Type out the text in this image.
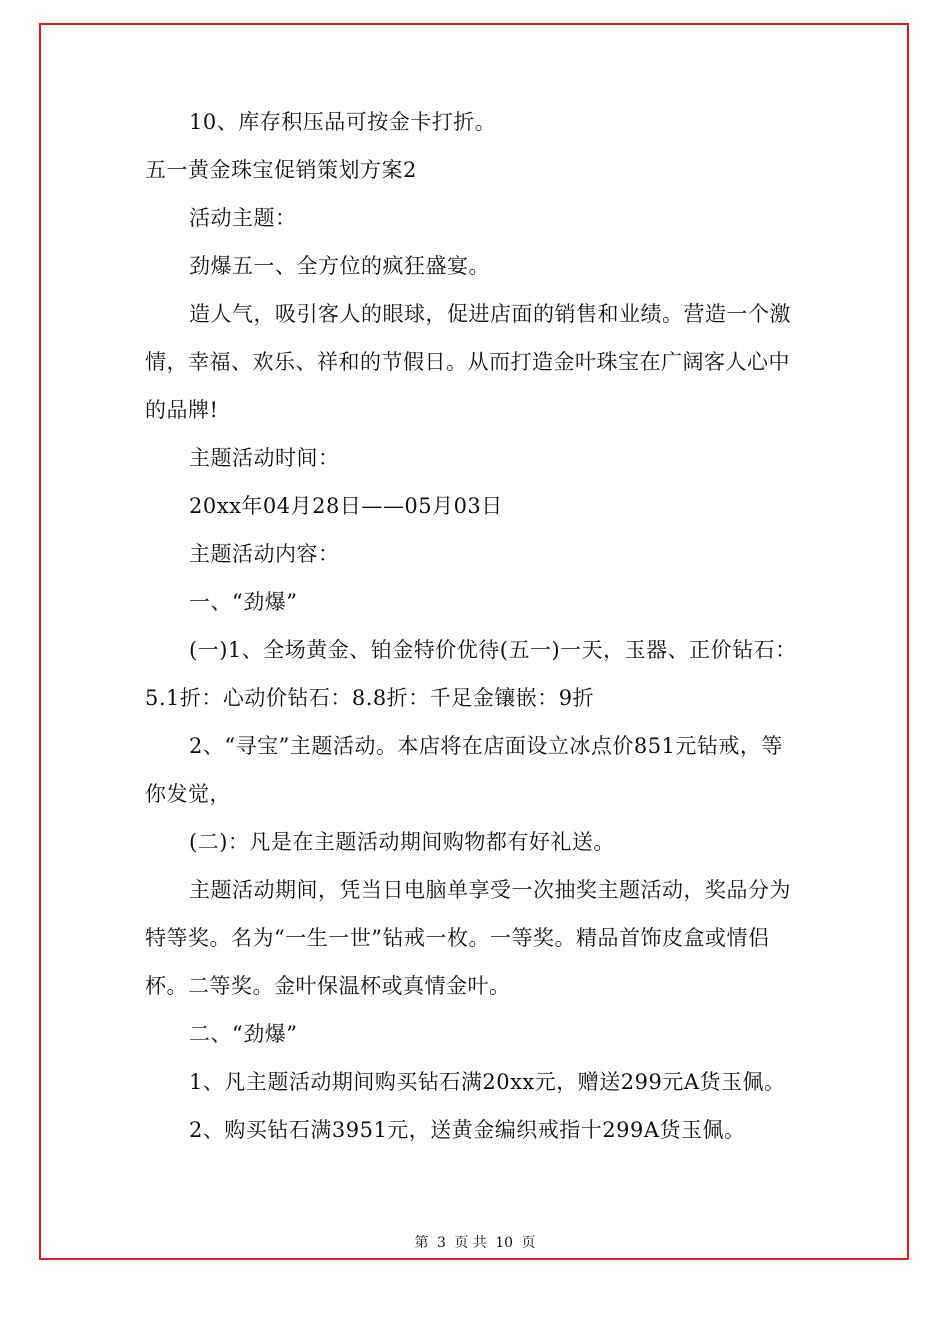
10、库存积压品可按金卡打折。
五一黄金珠宝促销策划方案2
活动主题：
劲爆五一、全方位的疯狂盛宴。
造人气，吸引客人的眼球，促进店面的销售和业绩。营造一个激
情，幸福、欢乐、祥和的节假日。从而打造金叶珠宝在广阔客人心中
的品牌!
主题活动时间：
20xx年04月28日——05月03日
主题活动内容：
一、“劲爆”
(一)1、全场黄金、铂金特价优待(五一)一天，玉器、正价钻石：
5.1折：心动价钻石：8.8折：千足金镶嵌：9折
2、“寻宝”主题活动。本店将在店面设立冰点价851元钻戒，等
你发觉，
(二)：凡是在主题活动期间购物都有好礼送。
主题活动期间，凭当日电脑单享受一次抽奖主题活动，奖品分为
特等奖。名为“一生一世”钻戒一枚。一等奖。精品首饰皮盒或情侣
杯。二等奖。金叶保温杯或真情金叶。
二、“劲爆”
1、凡主题活动期间购买钻石满20xx元，赠送299元A货玉佩。
2、购买钻石满3951元，送黄金编织戒指十299A货玉佩。
第 3 页 共 10 页
